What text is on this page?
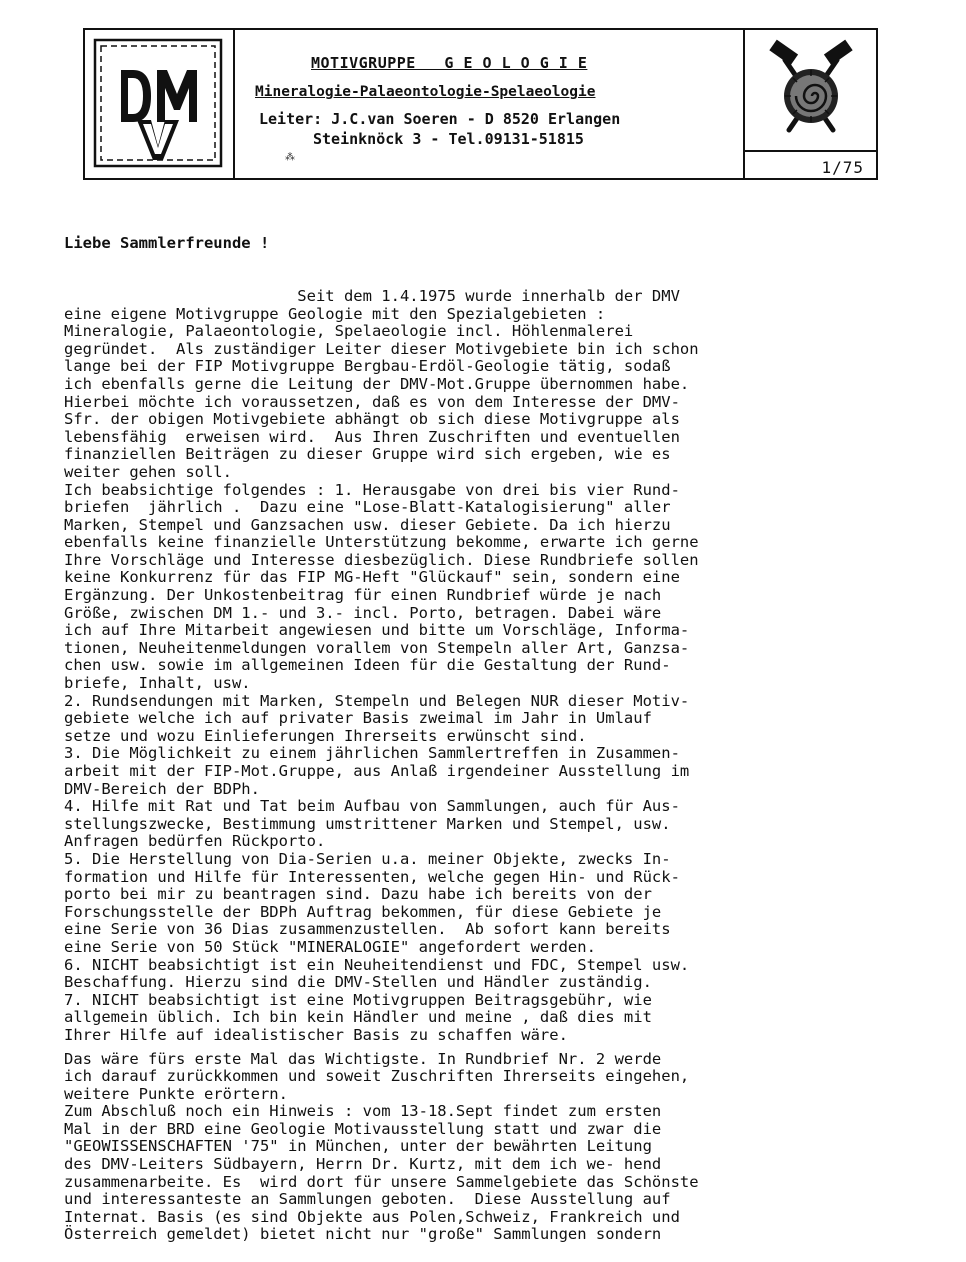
MOTIVGRUPPE   G E O L O G I E
Mineralogie-Palaeontologie-Spelaeologie
Leiter: J.C.van Soeren - D 8520 Erlangen
Steinknöck 3 - Tel.09131-51815
⁂
1/75

Liebe Sammlerfreunde !

Seit dem 1.4.1975 wurde innerhalb der DMV
eine eigene Motivgruppe Geologie mit den Spezialgebieten :
Mineralogie, Palaeontologie, Spelaeologie incl. Höhlenmalerei
gegründet.  Als zuständiger Leiter dieser Motivgebiete bin ich schon
lange bei der FIP Motivgruppe Bergbau-Erdöl-Geologie tätig, sodaß
ich ebenfalls gerne die Leitung der DMV-Mot.Gruppe übernommen habe.
Hierbei möchte ich voraussetzen, daß es von dem Interesse der DMV-
Sfr. der obigen Motivgebiete abhängt ob sich diese Motivgruppe als
lebensfähig  erweisen wird.  Aus Ihren Zuschriften und eventuellen
finanziellen Beiträgen zu dieser Gruppe wird sich ergeben, wie es
weiter gehen soll.
Ich beabsichtige folgendes : 1. Herausgabe von drei bis vier Rund-
briefen  jährlich .  Dazu eine "Lose-Blatt-Katalogisierung" aller
Marken, Stempel und Ganzsachen usw. dieser Gebiete. Da ich hierzu
ebenfalls keine finanzielle Unterstützung bekomme, erwarte ich gerne
Ihre Vorschläge und Interesse diesbezüglich. Diese Rundbriefe sollen
keine Konkurrenz für das FIP MG-Heft "Glückauf" sein, sondern eine
Ergänzung. Der Unkostenbeitrag für einen Rundbrief würde je nach
Größe, zwischen DM 1.- und 3.- incl. Porto, betragen. Dabei wäre
ich auf Ihre Mitarbeit angewiesen und bitte um Vorschläge, Informa-
tionen, Neuheitenmeldungen vorallem von Stempeln aller Art, Ganzsa-
chen usw. sowie im allgemeinen Ideen für die Gestaltung der Rund-
briefe, Inhalt, usw.
2. Rundsendungen mit Marken, Stempeln und Belegen NUR dieser Motiv-
gebiete welche ich auf privater Basis zweimal im Jahr in Umlauf
setze und wozu Einlieferungen Ihrerseits erwünscht sind.
3. Die Möglichkeit zu einem jährlichen Sammlertreffen in Zusammen-
arbeit mit der FIP-Mot.Gruppe, aus Anlaß irgendeiner Ausstellung im
DMV-Bereich der BDPh.
4. Hilfe mit Rat und Tat beim Aufbau von Sammlungen, auch für Aus-
stellungszwecke, Bestimmung umstrittener Marken und Stempel, usw.
Anfragen bedürfen Rückporto.
5. Die Herstellung von Dia-Serien u.a. meiner Objekte, zwecks In-
formation und Hilfe für Interessenten, welche gegen Hin- und Rück-
porto bei mir zu beantragen sind. Dazu habe ich bereits von der
Forschungsstelle der BDPh Auftrag bekommen, für diese Gebiete je
eine Serie von 36 Dias zusammenzustellen.  Ab sofort kann bereits
eine Serie von 50 Stück "MINERALOGIE" angefordert werden.
6. NICHT beabsichtigt ist ein Neuheitendienst und FDC, Stempel usw.
Beschaffung. Hierzu sind die DMV-Stellen und Händler zuständig.
7. NICHT beabsichtigt ist eine Motivgruppen Beitragsgebühr, wie
allgemein üblich. Ich bin kein Händler und meine , daß dies mit
Ihrer Hilfe auf idealistischer Basis zu schaffen wäre.
Das wäre fürs erste Mal das Wichtigste. In Rundbrief Nr. 2 werde
ich darauf zurückkommen und soweit Zuschriften Ihrerseits eingehen,
weitere Punkte erörtern.
Zum Abschluß noch ein Hinweis : vom 13-18.Sept findet zum ersten
Mal in der BRD eine Geologie Motivausstellung statt und zwar die
"GEOWISSENSCHAFTEN '75" in München, unter der bewährten Leitung
des DMV-Leiters Südbayern, Herrn Dr. Kurtz, mit dem ich we- hend
zusammenarbeite. Es  wird dort für unsere Sammelgebiete das Schönste
und interessanteste an Sammlungen geboten.  Diese Ausstellung auf
Internat. Basis (es sind Objekte aus Polen,Schweiz, Frankreich und
Österreich gemeldet) bietet nicht nur "große" Sammlungen sondern
